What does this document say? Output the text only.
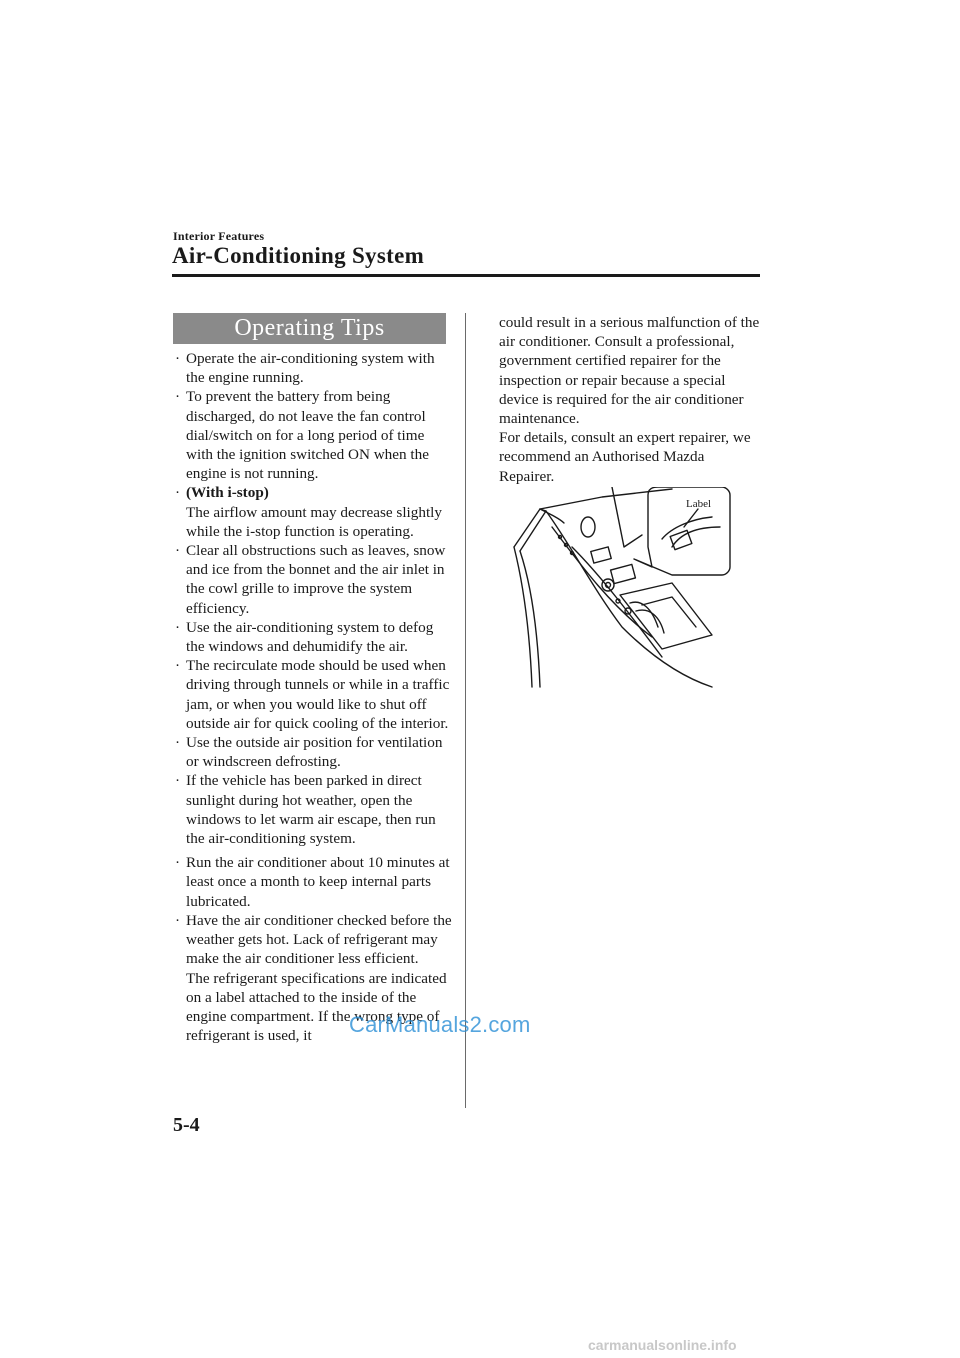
Interior Features
Air-Conditioning System
Operating Tips
· Operate the air-conditioning system with the engine running.
· To prevent the battery from being discharged, do not leave the fan control dial/switch on for a long period of time with the ignition switched ON when the engine is not running.
· (With i-stop)
The airflow amount may decrease slightly while the i-stop function is operating.
· Clear all obstructions such as leaves, snow and ice from the bonnet and the air inlet in the cowl grille to improve the system efficiency.
· Use the air-conditioning system to defog the windows and dehumidify the air.
· The recirculate mode should be used when driving through tunnels or while in a traffic jam, or when you would like to shut off outside air for quick cooling of the interior.
· Use the outside air position for ventilation or windscreen defrosting.
· If the vehicle has been parked in direct sunlight during hot weather, open the windows to let warm air escape, then run the air-conditioning system.
· Run the air conditioner about 10 minutes at least once a month to keep internal parts lubricated.
· Have the air conditioner checked before the weather gets hot. Lack of refrigerant may make the air conditioner less efficient.
The refrigerant specifications are indicated on a label attached to the inside of the engine compartment. If the wrong type of refrigerant is used, it

could result in a serious malfunction of the air conditioner. Consult a professional, government certified repairer for the inspection or repair because a special device is required for the air conditioner maintenance.

For details, consult an expert repairer, we recommend an Authorised Mazda Repairer.

Label
5-4
CarManuals2.com
carmanualsonline.info
